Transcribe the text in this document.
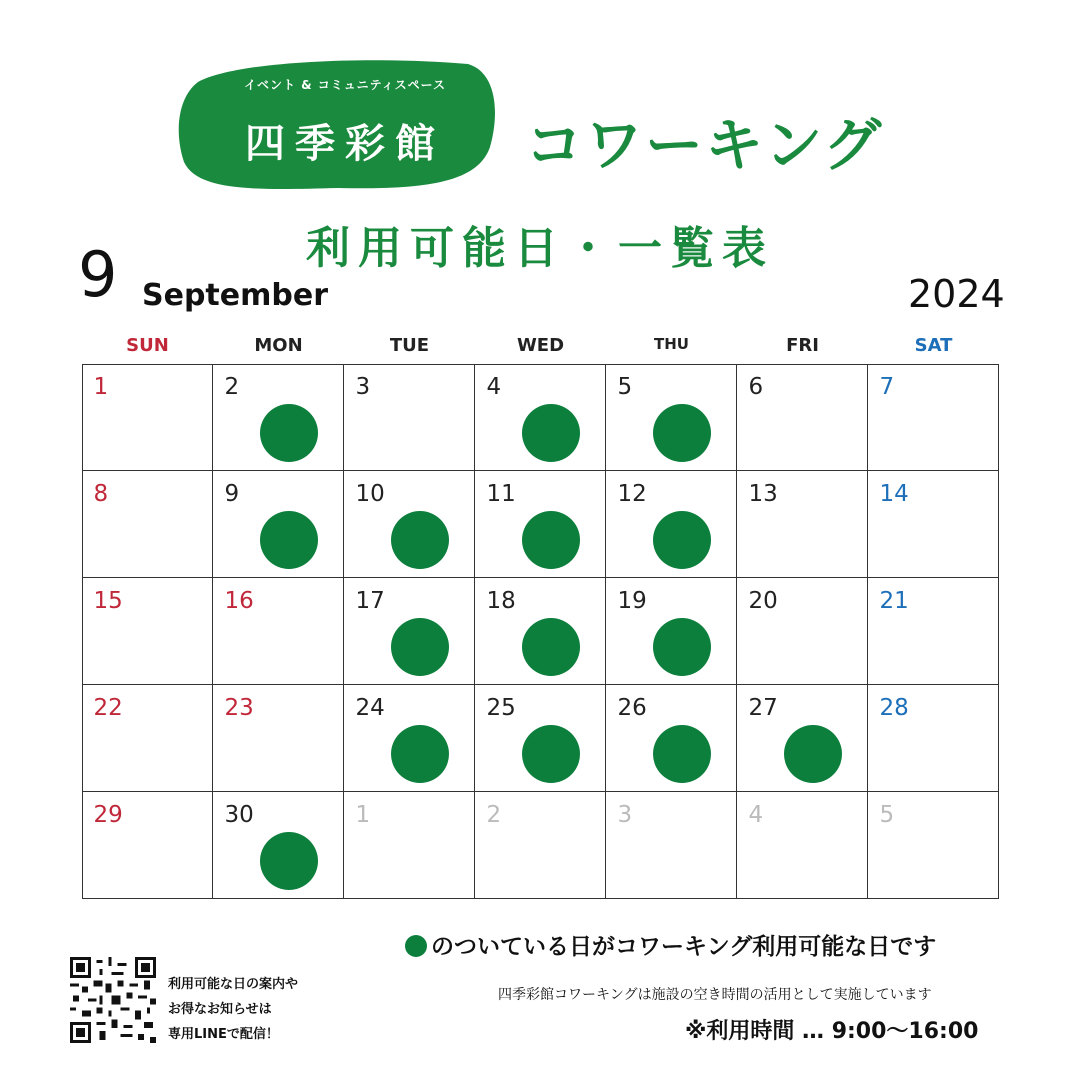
イベント & コミュニティスペース
四季彩館	コワーキング
利用可能日・一覧表
9 September	2024
SUN	MON	TUE	WED	THU	FRI	SAT
1	2	3	4	5	6	7
8	9	10	11	12	13	14
15	16	17	18	19	20	21
22	23	24	25	26	27	28
29	30	1	2	3	4	5
のついている日がコワーキング利用可能な日です
四季彩館コワーキングは施設の空き時間の活用として実施しています
※利用時間 … 9:00〜16:00
利用可能な日の案内や
お得なお知らせは
専用LINEで配信！
